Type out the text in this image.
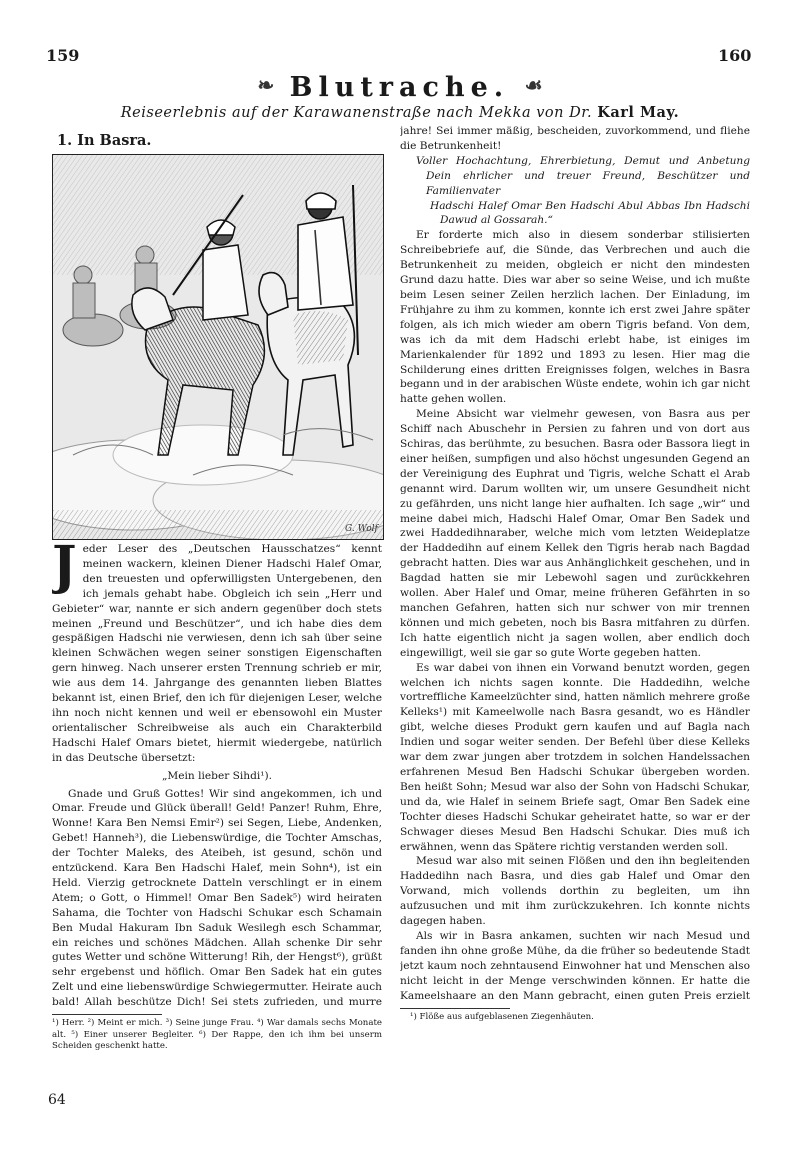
159	160
❧ Blutrache. ☙
Reiseerlebnis auf der Karawanenstraße nach Mekka von Dr. Karl May.
1. In Basra.
G. Wolf

Jeder Leser des „Deutschen Hausschatzes“ kennt meinen wackern, kleinen Diener Hadschi Halef Omar, den treuesten und opferwilligsten Untergebenen, den ich jemals gehabt habe. Obgleich ich sein „Herr und Gebieter“ war, nannte er sich andern gegenüber doch stets meinen „Freund und Beschützer“, und ich habe dies dem gespäßigen Hadschi nie verwiesen, denn ich sah über seine kleinen Schwächen wegen seiner sonstigen Eigenschaften gern hinweg. Nach unserer ersten Trennung schrieb er mir, wie aus dem 14. Jahrgange des genannten lieben Blattes bekannt ist, einen Brief, den ich für diejenigen Leser, welche ihn noch nicht kennen und weil er ebensowohl ein Muster orientalischer Schreibweise als auch ein Charakterbild Hadschi Halef Omars bietet, hiermit wiedergebe, natürlich in das Deutsche übersetzt:

„Mein lieber Sihdi¹).

Gnade und Gruß Gottes! Wir sind angekommen, ich und Omar. Freude und Glück überall! Geld! Panzer! Ruhm, Ehre, Wonne! Kara Ben Nemsi Emir²) sei Segen, Liebe, Andenken, Gebet! Hanneh³), die Liebenswürdige, die Tochter Amschas, der Tochter Maleks, des Ateibeh, ist gesund, schön und entzückend. Kara Ben Hadschi Halef, mein Sohn⁴), ist ein Held. Vierzig getrocknete Datteln verschlingt er in einem Atem; o Gott, o Himmel! Omar Ben Sadek⁵) wird heiraten Sahama, die Tochter von Hadschi Schukar esch Schamain Ben Mudal Hakuram Ibn Saduk Wesilegh esch Schammar, ein reiches und schönes Mädchen. Allah schenke Dir sehr gutes Wetter und schöne Witterung! Rih, der Hengst⁶), grüßt sehr ergebenst und höflich. Omar Ben Sadek hat ein gutes Zelt und eine liebenswürdige Schwiegermutter. Heirate auch bald! Allah beschütze Dich! Sei stets zufrieden, und murre

¹) Herr. ²) Meint er mich. ³) Seine junge Frau. ⁴) War damals sechs Monate alt. ⁵) Einer unserer Begleiter. ⁶) Der Rappe, den ich ihm bei unserm Scheiden geschenkt hatte.

jahre! Sei immer mäßig, bescheiden, zuvorkommend, und fliehe die Betrunkenheit!

Voller Hochachtung, Ehrerbietung, Demut und Anbetung Dein ehrlicher und treuer Freund, Beschützer und Familienvater

Hadschi Halef Omar Ben Hadschi Abul Abbas Ibn Hadschi Dawud al Gossarah.“

Er forderte mich also in diesem sonderbar stilisierten Schreibebriefe auf, die Sünde, das Verbrechen und auch die Betrunkenheit zu meiden, obgleich er nicht den mindesten Grund dazu hatte. Dies war aber so seine Weise, und ich mußte beim Lesen seiner Zeilen herzlich lachen. Der Einladung, im Frühjahre zu ihm zu kommen, konnte ich erst zwei Jahre später folgen, als ich mich wieder am obern Tigris befand. Von dem, was ich da mit dem Hadschi erlebt habe, ist einiges im Marienkalender für 1892 und 1893 zu lesen. Hier mag die Schilderung eines dritten Ereignisses folgen, welches in Basra begann und in der arabischen Wüste endete, wohin ich gar nicht hatte gehen wollen.

Meine Absicht war vielmehr gewesen, von Basra aus per Schiff nach Abuschehr in Persien zu fahren und von dort aus Schiras, das berühmte, zu besuchen. Basra oder Bassora liegt in einer heißen, sumpfigen und also höchst ungesunden Gegend an der Vereinigung des Euphrat und Tigris, welche Schatt el Arab genannt wird. Darum wollten wir, um unsere Gesundheit nicht zu gefährden, uns nicht lange hier aufhalten. Ich sage „wir“ und meine dabei mich, Hadschi Halef Omar, Omar Ben Sadek und zwei Haddedihnaraber, welche mich vom letzten Weideplatze der Haddedihn auf einem Kellek den Tigris herab nach Bagdad gebracht hatten. Dies war aus Anhänglichkeit geschehen, und in Bagdad hatten sie mir Lebewohl sagen und zurückkehren wollen. Aber Halef und Omar, meine früheren Gefährten in so manchen Gefahren, hatten sich nur schwer von mir trennen können und mich gebeten, noch bis Basra mitfahren zu dürfen. Ich hatte eigentlich nicht ja sagen wollen, aber endlich doch eingewilligt, weil sie gar so gute Worte gegeben hatten.

Es war dabei von ihnen ein Vorwand benutzt worden, gegen welchen ich nichts sagen konnte. Die Haddedihn, welche vortreffliche Kameelzüchter sind, hatten nämlich mehrere große Kelleks¹) mit Kameelwolle nach Basra gesandt, wo es Händler gibt, welche dieses Produkt gern kaufen und auf Bagla nach Indien und sogar weiter senden. Der Befehl über diese Kelleks war dem zwar jungen aber trotzdem in solchen Handelssachen erfahrenen Mesud Ben Hadschi Schukar übergeben worden. Ben heißt Sohn; Mesud war also der Sohn von Hadschi Schukar, und da, wie Halef in seinem Briefe sagt, Omar Ben Sadek eine Tochter dieses Hadschi Schukar geheiratet hatte, so war er der Schwager dieses Mesud Ben Hadschi Schukar. Dies muß ich erwähnen, wenn das Spätere richtig verstanden werden soll.

Mesud war also mit seinen Flößen und den ihn begleitenden Haddedihn nach Basra, und dies gab Halef und Omar den Vorwand, mich vollends dorthin zu begleiten, um ihn aufzusuchen und mit ihm zurückzukehren. Ich konnte nichts dagegen haben.

Als wir in Basra ankamen, suchten wir nach Mesud und fanden ihn ohne große Mühe, da die früher so bedeutende Stadt jetzt kaum noch zehntausend Einwohner hat und Menschen also nicht leicht in der Menge verschwinden können. Er hatte die Kameelshaare an den Mann gebracht, einen guten Preis erzielt

¹) Flöße aus aufgeblasenen Ziegenhäuten.
64
